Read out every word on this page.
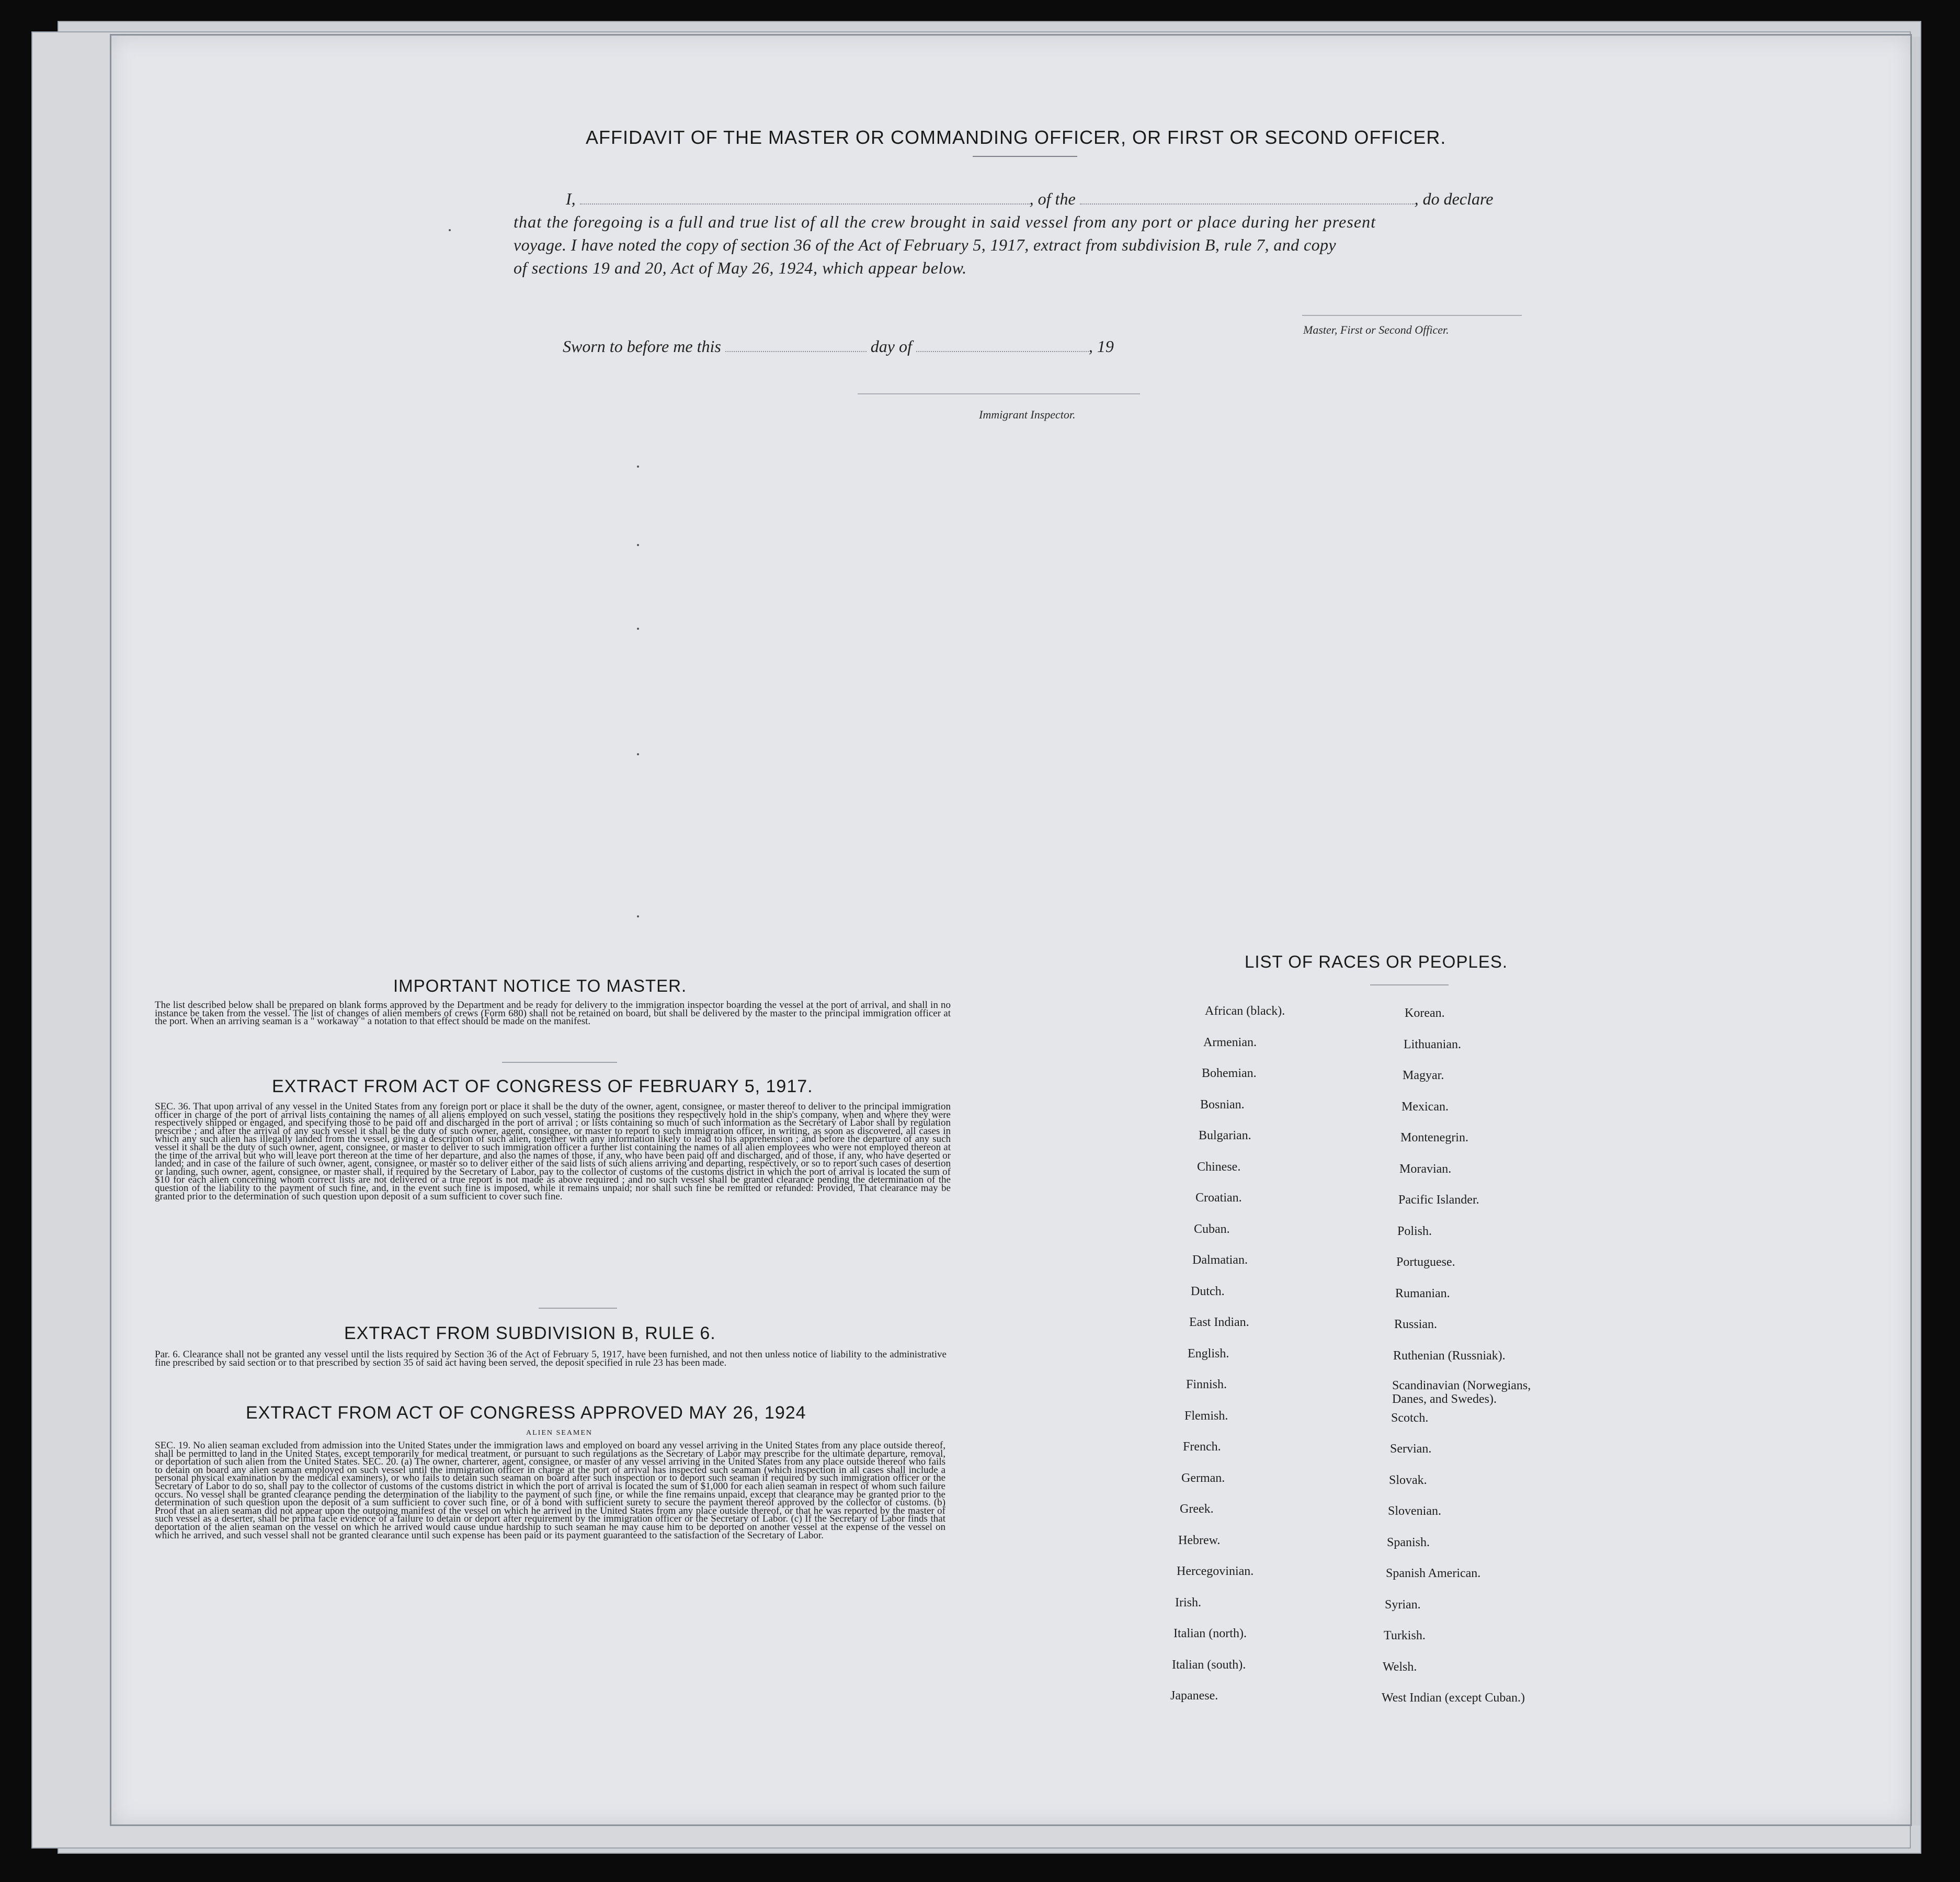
AFFIDAVIT OF THE MASTER OR COMMANDING OFFICER, OR FIRST OR SECOND OFFICER.
I,	, of the	, do declare
that the foregoing is a full and true list of all the crew brought in said vessel from any port or place during her present
voyage. I have noted the copy of section 36 of the Act of February 5, 1917, extract from subdivision B, rule 7, and copy
of sections 19 and 20, Act of May 26, 1924, which appear below.
Master, First or Second Officer.
Sworn to before me this	day of	, 19
Immigrant Inspector.
IMPORTANT NOTICE TO MASTER.

The list described below shall be prepared on blank forms approved by the Department and be ready for delivery to the immigration inspector boarding the vessel at the port of arrival, and shall in no instance be taken from the vessel. The list of changes of alien members of crews (Form 680) shall not be retained on board, but shall be delivered by the master to the principal immigration officer at the port. When an arriving seaman is a " workaway " a notation to that effect should be made on the manifest.

EXTRACT FROM ACT OF CONGRESS OF FEBRUARY 5, 1917.

SEC. 36. That upon arrival of any vessel in the United States from any foreign port or place it shall be the duty of the owner, agent, consignee, or master thereof to deliver to the principal immigration officer in charge of the port of arrival lists containing the names of all aliens employed on such vessel, stating the positions they respectively hold in the ship's company, when and where they were respectively shipped or engaged, and specifying those to be paid off and discharged in the port of arrival ; or lists containing so much of such information as the Secretary of Labor shall by regulation prescribe ; and after the arrival of any such vessel it shall be the duty of such owner, agent, consignee, or master to report to such immigration officer, in writing, as soon as discovered, all cases in which any such alien has illegally landed from the vessel, giving a description of such alien, together with any information likely to lead to his apprehension ; and before the departure of any such vessel it shall be the duty of such owner, agent, consignee, or master to deliver to such immigration officer a further list containing the names of all alien employees who were not employed thereon at the time of the arrival but who will leave port thereon at the time of her departure, and also the names of those, if any, who have been paid off and discharged, and of those, if any, who have deserted or landed; and in case of the failure of such owner, agent, consignee, or master so to deliver either of the said lists of such aliens arriving and departing, respectively, or so to report such cases of desertion or landing, such owner, agent, consignee, or master shall, if required by the Secretary of Labor, pay to the collector of customs of the customs district in which the port of arrival is located the sum of $10 for each alien concerning whom correct lists are not delivered or a true report is not made as above required ; and no such vessel shall be granted clearance pending the determination of the question of the liability to the payment of such fine, and, in the event such fine is imposed, while it remains unpaid; nor shall such fine be remitted or refunded: Provided, That clearance may be granted prior to the determination of such question upon deposit of a sum sufficient to cover such fine.

EXTRACT FROM SUBDIVISION B, RULE 6.

Par. 6. Clearance shall not be granted any vessel until the lists required by Section 36 of the Act of February 5, 1917, have been furnished, and not then unless notice of liability to the administrative fine prescribed by said section or to that prescribed by section 35 of said act having been served, the deposit specified in rule 23 has been made.

EXTRACT FROM ACT OF CONGRESS APPROVED MAY 26, 1924
ALIEN SEAMEN

SEC. 19. No alien seaman excluded from admission into the United States under the immigration laws and employed on board any vessel arriving in the United States from any place outside thereof, shall be permitted to land in the United States, except temporarily for medical treatment, or pursuant to such regulations as the Secretary of Labor may prescribe for the ultimate departure, removal, or deportation of such alien from the United States. SEC. 20. (a) The owner, charterer, agent, consignee, or master of any vessel arriving in the United States from any place outside thereof who fails to detain on board any alien seaman employed on such vessel until the immigration officer in charge at the port of arrival has inspected such seaman (which inspection in all cases shall include a personal physical examination by the medical examiners), or who fails to detain such seaman on board after such inspection or to deport such seaman if required by such immigration officer or the Secretary of Labor to do so, shall pay to the collector of customs of the customs district in which the port of arrival is located the sum of $1,000 for each alien seaman in respect of whom such failure occurs. No vessel shall be granted clearance pending the determination of the liability to the payment of such fine, or while the fine remains unpaid, except that clearance may be granted prior to the determination of such question upon the deposit of a sum sufficient to cover such fine, or of a bond with sufficient surety to secure the payment thereof approved by the collector of customs. (b) Proof that an alien seaman did not appear upon the outgoing manifest of the vessel on which he arrived in the United States from any place outside thereof, or that he was reported by the master of such vessel as a deserter, shall be prima facie evidence of a failure to detain or deport after requirement by the immigration officer or the Secretary of Labor. (c) If the Secretary of Labor finds that deportation of the alien seaman on the vessel on which he arrived would cause undue hardship to such seaman he may cause him to be deported on another vessel at the expense of the vessel on which he arrived, and such vessel shall not be granted clearance until such expense has been paid or its payment guaranteed to the satisfaction of the Secretary of Labor.

LIST OF RACES OR PEOPLES.
African (black).
Armenian.
Bohemian.
Bosnian.
Bulgarian.
Chinese.
Croatian.
Cuban.
Dalmatian.
Dutch.
East Indian.
English.
Finnish.
Flemish.
French.
German.
Greek.
Hebrew.
Hercegovinian.
Irish.
Italian (north).
Italian (south).
Japanese.
Korean.
Lithuanian.
Magyar.
Mexican.
Montenegrin.
Moravian.
Pacific Islander.
Polish.
Portuguese.
Rumanian.
Russian.
Ruthenian (Russniak).
Scandinavian (Norwegians, Danes, and Swedes).
Scotch.
Servian.
Slovak.
Slovenian.
Spanish.
Spanish American.
Syrian.
Turkish.
Welsh.
West Indian (except Cuban.)
